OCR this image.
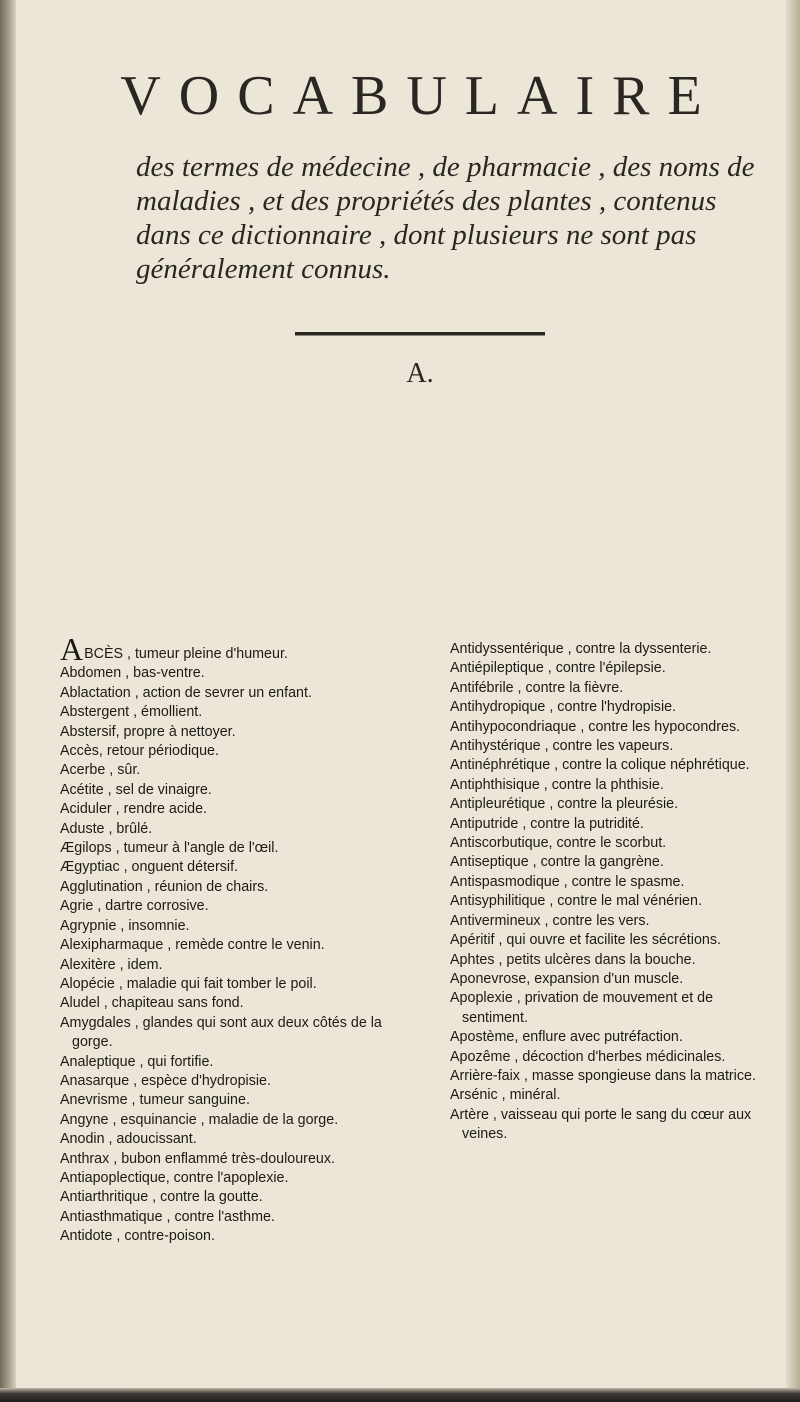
VOCABULAIRE
des termes de médecine , de pharmacie , des noms de maladies , et des propriétés des plantes , contenus dans ce dictionnaire , dont plusieurs ne sont pas généralement connus.
A.
ABCÈS , tumeur pleine d'humeur.
Abdomen , bas-ventre.
Ablactation , action de sevrer un enfant.
Abstergent , émollient.
Abstersif, propre à nettoyer.
Accès, retour périodique.
Acerbe , sûr.
Acétite , sel de vinaigre.
Aciduler , rendre acide.
Aduste , brûlé.
Ægilops , tumeur à l'angle de l'œil.
Ægyptiac , onguent détersif.
Agglutination , réunion de chairs.
Agrie , dartre corrosive.
Agrypnie , insomnie.
Alexipharmaque , remède contre le venin.
Alexitère , idem.
Alopécie , maladie qui fait tomber le poil.
Aludel , chapiteau sans fond.
Amygdales , glandes qui sont aux deux côtés de la gorge.
Analeptique , qui fortifie.
Anasarque , espèce d'hydropisie.
Anevrisme , tumeur sanguine.
Angyne , esquinancie , maladie de la gorge.
Anodin , adoucissant.
Anthrax , bubon enflammé très-douloureux.
Antiapoplectique, contre l'apoplexie.
Antiarthritique , contre la goutte.
Antiasthmatique , contre l'asthme.
Antidote , contre-poison.
Antidyssentérique , contre la dyssenterie.
Antiépileptique , contre l'épilepsie.
Antifébrile , contre la fièvre.
Antihydropique , contre l'hydropisie.
Antihypocondriaque , contre les hypocondres.
Antihystérique , contre les vapeurs.
Antinéphrétique , contre la colique néphrétique.
Antiphthisique , contre la phthisie.
Antipleurétique , contre la pleurésie.
Antiputride , contre la putridité.
Antiscorbutique, contre le scorbut.
Antiseptique , contre la gangrène.
Antispasmodique , contre le spasme.
Antisyphilitique , contre le mal vénérien.
Antivermineux , contre les vers.
Apéritif , qui ouvre et facilite les sécrétions.
Aphtes , petits ulcères dans la bouche.
Aponevrose, expansion d'un muscle.
Apoplexie , privation de mouvement et de sentiment.
Apostème, enflure avec putréfaction.
Apozême , décoction d'herbes médicinales.
Arrière-faix , masse spongieuse dans la matrice.
Arsénic , minéral.
Artère , vaisseau qui porte le sang du cœur aux veines.
